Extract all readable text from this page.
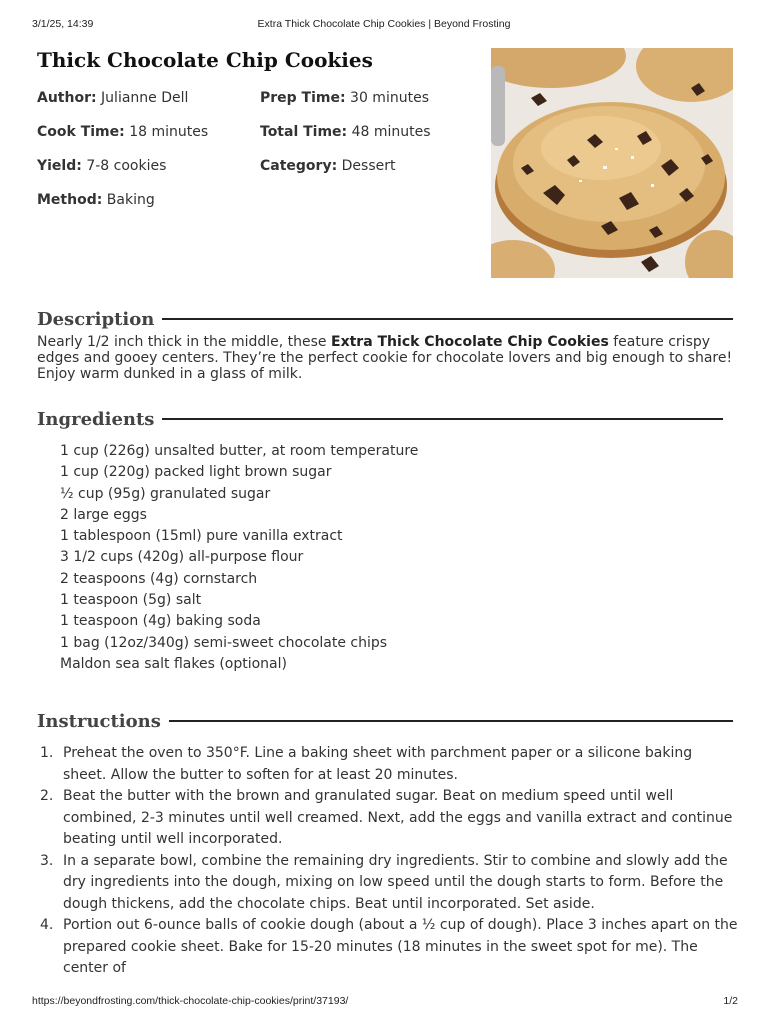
3/1/25, 14:39	Extra Thick Chocolate Chip Cookies | Beyond Frosting
Thick Chocolate Chip Cookies
Author: Julianne Dell	Prep Time: 30 minutes
Cook Time: 18 minutes	Total Time: 48 minutes
Yield: 7-8 cookies	Category: Dessert
Method: Baking
Description

Nearly 1/2 inch thick in the middle, these Extra Thick Chocolate Chip Cookies feature crispy edges and gooey centers. They’re the perfect cookie for chocolate lovers and big enough to share! Enjoy warm dunked in a glass of milk.

Ingredients
1 cup (226g) unsalted butter, at room temperature
1 cup (220g) packed light brown sugar
½ cup (95g) granulated sugar
2 large eggs
1 tablespoon (15ml) pure vanilla extract
3 1/2 cups (420g) all-purpose flour
2 teaspoons (4g) cornstarch
1 teaspoon (5g) salt
1 teaspoon (4g) baking soda
1 bag (12oz/340g) semi-sweet chocolate chips
Maldon sea salt flakes (optional)
Instructions
1. Preheat the oven to 350°F. Line a baking sheet with parchment paper or a silicone baking sheet. Allow the butter to soften for at least 20 minutes.
2. Beat the butter with the brown and granulated sugar. Beat on medium speed until well combined, 2-3 minutes until well creamed. Next, add the eggs and vanilla extract and continue beating until well incorporated.
3. In a separate bowl, combine the remaining dry ingredients. Stir to combine and slowly add the dry ingredients into the dough, mixing on low speed until the dough starts to form. Before the dough thickens, add the chocolate chips. Beat until incorporated. Set aside.
4. Portion out 6-ounce balls of cookie dough (about a ½ cup of dough). Place 3 inches apart on the prepared cookie sheet. Bake for 15-20 minutes (18 minutes in the sweet spot for me). The center of
https://beyondfrosting.com/thick-chocolate-chip-cookies/print/37193/	1/2
